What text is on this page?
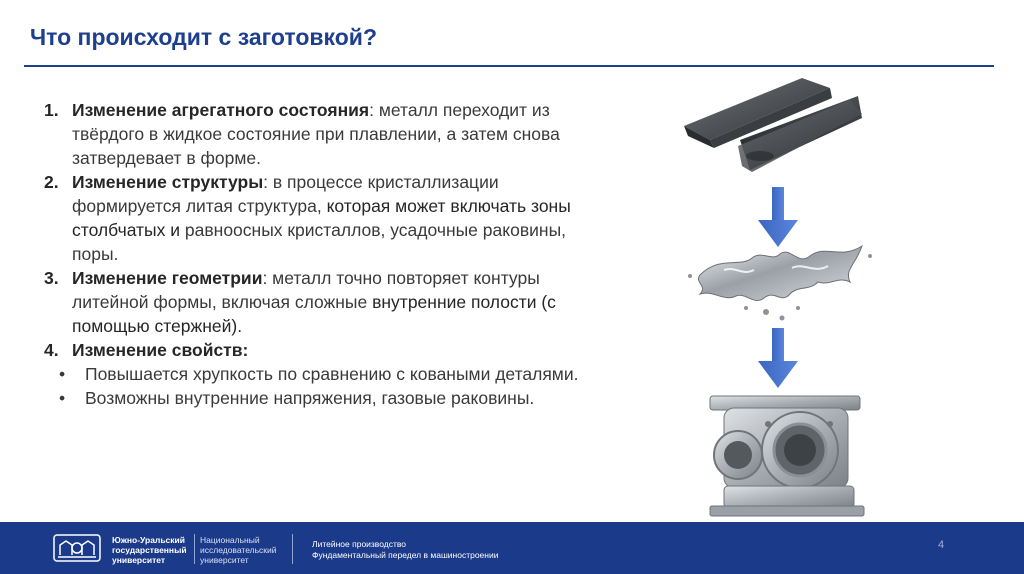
Что происходит с заготовкой?
1. Изменение агрегатного состояния: металл переходит из твёрдого в жидкое состояние при плавлении, а затем снова затвердевает в форме.
2. Изменение структуры: в процессе кристаллизации формируется литая структура, которая может включать зоны столбчатых и равноосных кристаллов, усадочные раковины, поры.
3. Изменение геометрии: металл точно повторяет контуры литейной формы, включая сложные внутренние полости (с помощью стержней).
4. Изменение свойств:
• Повышается хрупкость по сравнению с коваными деталями.
• Возможны внутренние напряжения, газовые раковины.
Южно-Уральский
государственный
университет
Национальный
исследовательский
университет
Литейное производство
Фундаментальный передел в машиностроении
4
